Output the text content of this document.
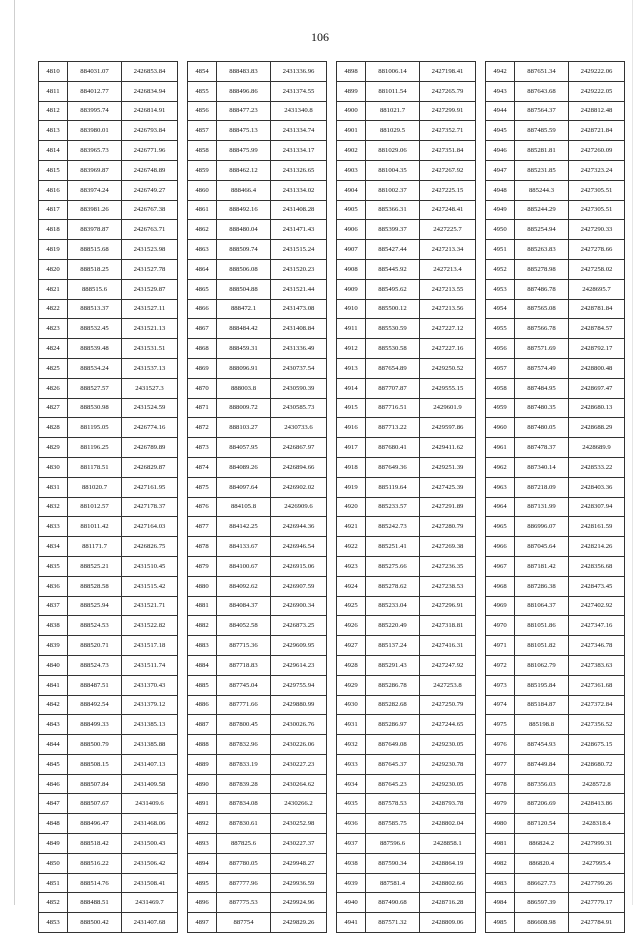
106
4810	884031.07	2426853.84
4811	884012.77	2426834.94
4812	883995.74	2426814.91
4813	883980.01	2426793.84
4814	883965.73	2426771.96
4815	883969.87	2426748.89
4816	883974.24	2426749.27
4817	883981.26	2426767.38
4818	883978.87	2426763.71
4819	888515.68	2431523.98
4820	888518.25	2431527.78
4821	888515.6	2431529.87
4822	888513.37	2431527.11
4823	888532.45	2431521.13
4824	888539.48	2431531.51
4825	888534.24	2431537.13
4826	888527.57	2431527.3
4827	888530.98	2431524.59
4828	881195.05	2426774.16
4829	881196.25	2426789.89
4830	881178.51	2426829.87
4831	881020.7	2427161.95
4832	881012.57	2427178.37
4833	881011.42	2427164.03
4834	881171.7	2426826.75
4835	888525.21	2431510.45
4836	888528.58	2431515.42
4837	888525.94	2431521.71
4838	888524.53	2431522.82
4839	888520.71	2431517.18
4840	888524.73	2431511.74
4841	888487.51	2431370.43
4842	888492.54	2431379.12
4843	888499.33	2431385.13
4844	888500.79	2431385.88
4845	888508.15	2431407.13
4846	888507.84	2431409.58
4847	888507.67	2431409.6
4848	888496.47	2431468.06
4849	888518.42	2431500.43
4850	888516.22	2431506.42
4851	888514.76	2431508.41
4852	888488.51	2431469.7
4853	888500.42	2431407.68
4854	888483.83	2431336.96
4855	888496.86	2431374.55
4856	888477.23	2431340.8
4857	888475.13	2431334.74
4858	888475.99	2431334.17
4859	888462.12	2431326.65
4860	888466.4	2431334.02
4861	888492.16	2431408.28
4862	888480.04	2431471.43
4863	888509.74	2431515.24
4864	888506.08	2431520.23
4865	888504.88	2431521.44
4866	888472.1	2431473.08
4867	888484.42	2431408.84
4868	888459.31	2431336.49
4869	888096.91	2430737.54
4870	888003.8	2430590.39
4871	888009.72	2430585.73
4872	888103.27	2430733.6
4873	884057.95	2426867.97
4874	884089.26	2426894.66
4875	884097.64	2426902.02
4876	884105.8	2426909.6
4877	884142.25	2426944.36
4878	884133.67	2426946.54
4879	884100.67	2426915.06
4880	884092.62	2426907.59
4881	884084.37	2426900.34
4882	884052.58	2426873.25
4883	887715.36	2429609.95
4884	887718.83	2429614.23
4885	887745.04	2429755.94
4886	887771.66	2429880.99
4887	887800.45	2430026.76
4888	887832.96	2430226.06
4889	887833.19	2430227.23
4890	887839.28	2430264.62
4891	887834.08	2430266.2
4892	887830.61	2430252.98
4893	887825.6	2430227.37
4894	887780.05	2429948.27
4895	887777.96	2429936.59
4896	887775.53	2429924.96
4897	887754	2429829.26
4898	881006.14	2427198.41
4899	881011.54	2427265.79
4900	881021.7	2427299.91
4901	881029.5	2427352.71
4902	881029.06	2427351.84
4903	881004.35	2427267.92
4904	881002.37	2427225.15
4905	885366.31	2427248.41
4906	885399.37	2427225.7
4907	885427.44	2427213.34
4908	885445.92	2427213.4
4909	885495.62	2427213.55
4910	885500.12	2427213.56
4911	885530.59	2427227.12
4912	885530.58	2427227.16
4913	887654.89	2429250.52
4914	887707.87	2429555.15
4915	887716.51	2429601.9
4916	887713.22	2429597.86
4917	887680.41	2429411.62
4918	887649.36	2429251.39
4919	885119.64	2427425.39
4920	885233.57	2427291.89
4921	885242.73	2427280.79
4922	885251.41	2427269.38
4923	885275.66	2427236.35
4924	885278.62	2427238.53
4925	885233.04	2427296.91
4926	885220.49	2427318.81
4927	885137.24	2427416.31
4928	885291.43	2427247.92
4929	885286.78	2427253.8
4930	885282.68	2427250.79
4931	885286.97	2427244.65
4932	887649.08	2429230.05
4933	887645.37	2429230.78
4934	887645.23	2429230.05
4935	887578.53	2428793.78
4936	887585.75	2428802.04
4937	887596.6	2428858.1
4938	887590.34	2428864.19
4939	887581.4	2428802.66
4940	887490.68	2428716.28
4941	887571.32	2428809.06
4942	887651.34	2429222.06
4943	887643.68	2429222.05
4944	887564.37	2428812.48
4945	887485.59	2428721.84
4946	885281.81	2427260.09
4947	885231.85	2427323.24
4948	885244.3	2427305.51
4949	885244.29	2427305.51
4950	885254.94	2427290.33
4951	885263.83	2427278.66
4952	885278.98	2427258.02
4953	887486.78	2428695.7
4954	887565.08	2428781.84
4955	887566.78	2428784.57
4956	887571.69	2428792.17
4957	887574.49	2428800.48
4958	887484.95	2428697.47
4959	887480.35	2428680.13
4960	887480.05	2428688.29
4961	887478.37	2428689.9
4962	887340.14	2428533.22
4963	887218.09	2428403.36
4964	887131.99	2428307.94
4965	886996.07	2428161.59
4966	887045.64	2428214.26
4967	887181.42	2428356.68
4968	887286.38	2428473.45
4969	881064.37	2427402.92
4970	881051.86	2427347.16
4971	881051.82	2427346.78
4972	881062.79	2427383.63
4973	885195.84	2427361.68
4974	885184.87	2427372.84
4975	885198.8	2427356.52
4976	887454.93	2428675.15
4977	887449.84	2428680.72
4978	887356.03	2428572.8
4979	887206.69	2428413.86
4980	887120.54	2428318.4
4981	886824.2	2427999.31
4982	886820.4	2427995.4
4983	886627.73	2427799.26
4984	886597.39	2427779.17
4985	886608.98	2427784.91
